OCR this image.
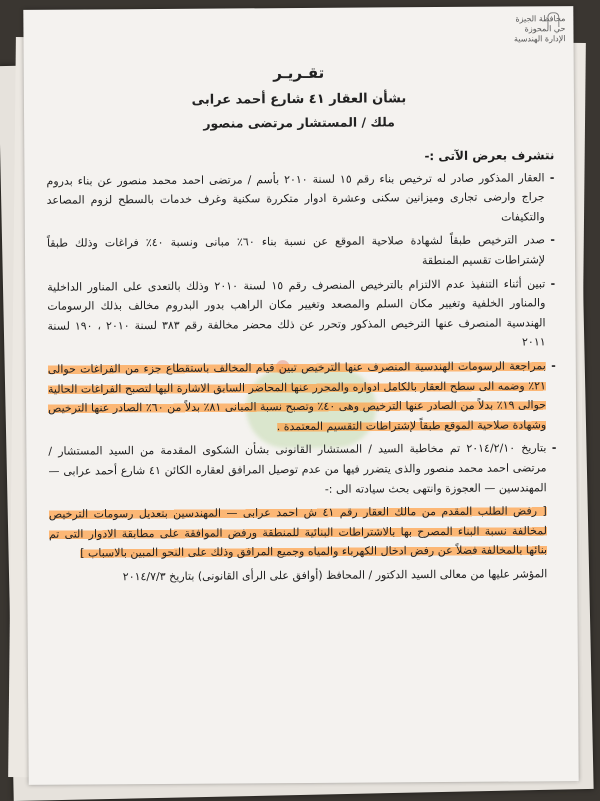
محافظة الجيزة
حي المحوزة
الإدارة الهندسية
تقـريـر
بشأن العقار ٤١ شارع أحمد عرابى
ملك / المستشار مرتضى منصور
نتشرف بعرض الآتى :-

-
العقار المذكور صادر له ترخيص بناء رقم ١٥ لسنة ٢٠١٠ بأسم / مرتضى احمد محمد منصور عن بناء بدروم جراج وارضى تجارى وميزانين سكنى وعشرة ادوار متكررة سكنية وغرف خدمات بالسطح لزوم المصاعد والتكيفات

-
صدر الترخيص طبقاً لشهادة صلاحية الموقع عن نسبة بناء ٦٠٪ مبانى ونسبة ٤٠٪ فراغات وذلك طبقاً لإشتراطات تقسيم المنطقة

-
تبين أثناء التنفيذ عدم الالتزام بالترخيص المنصرف رقم ١٥ لسنة ٢٠١٠ وذلك بالتعدى على المناور الداخلية والمناور الخلفية وتغيير مكان السلم والمصعد وتغيير مكان الراهب بدور البدروم مخالف بذلك الرسومات الهندسية المنصرف عنها الترخيص المذكور وتحرر عن ذلك محضر مخالفة رقم ٣٨٣ لسنة ٢٠١٠ ، ١٩٠ لسنة ٢٠١١

-
بمراجعة الرسومات الهندسية المنصرف عنها الترخيص تبين قيام المخالف باستقطاع جزء من الفراغات حوالى ٢١٪ وضمه الى سطح العقار بالكامل ادواره والمحرر عنها المحاضر السابق الاشارة اليها لتصبح الفراغات الحالية حوالى ١٩٪ بدلاً من الصادر عنها الترخيص وهى ٤٠٪ وتصبح نسبة المبانى ٨١٪ بدلاً من ٦٠٪ الصادر عنها الترخيص وشهادة صلاحية الموقع طبقاً لإشتراطات التقسيم المعتمدة .

-
بتاريخ ٢٠١٤/٢/١٠ تم مخاطبة السيد / المستشار القانونى بشأن الشكوى المقدمة من السيد المستشار / مرتضى احمد محمد منصور والذى يتضرر فيها من عدم توصيل المرافق لعقاره الكائن ٤١ شارع أحمد عرابى — المهندسين — العجوزة وانتهى بحث سيادته الى :-

[ رفض الطلب المقدم من مالك العقار رقم ٤١ ش احمد عرابى — المهندسين بتعديل رسومات الترخيص لمخالفة نسبة البناء المصرح بها بالاشتراطات البنائية للمنطقة ورفض الموافقة على مطابقة الادوار التى تم بنائها بالمخالفة فضلاً عن رفض ادخال الكهرباء والمياه وجميع المرافق وذلك على النحو المبين بالاسباب ]

المؤشر عليها من معالى السيد الدكتور / المحافظ (أوافق على الرأى القانونى) بتاريخ ٢٠١٤/٧/٣
